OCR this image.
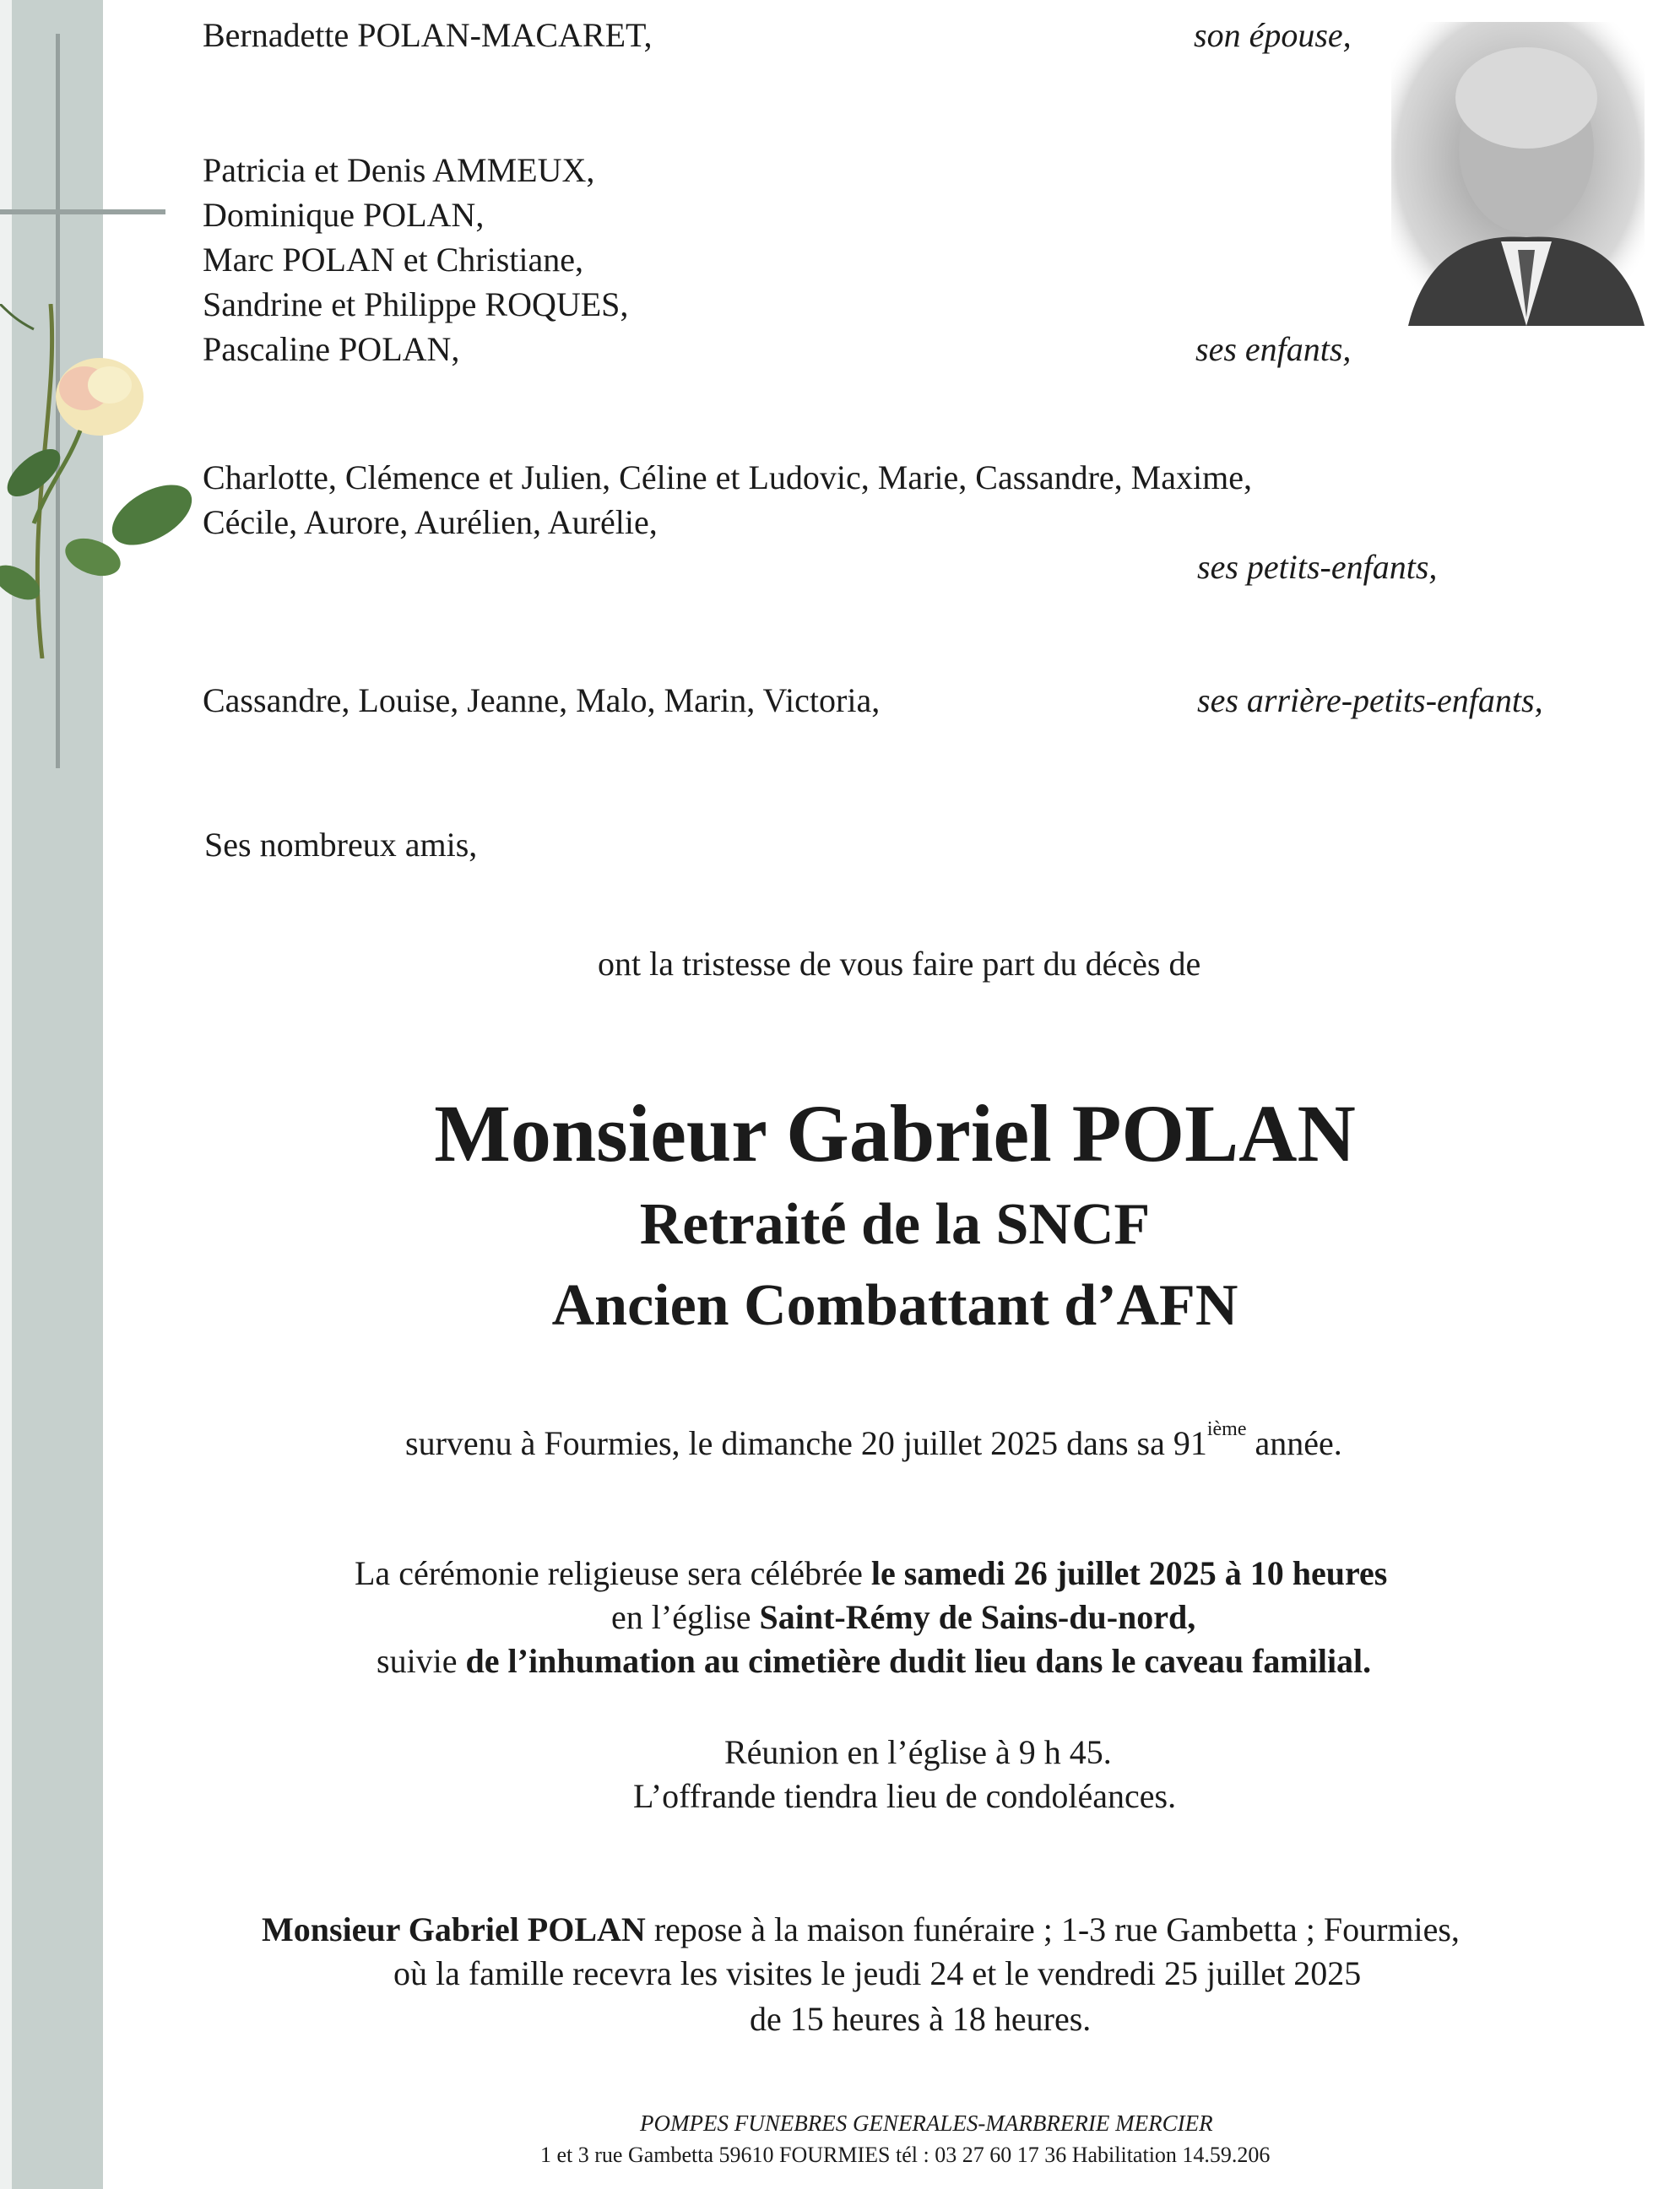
Bernadette POLAN-MACARET,	son épouse,
Patricia et Denis AMMEUX,
Dominique POLAN,
Marc POLAN et Christiane,
Sandrine et Philippe ROQUES,
Pascaline POLAN,	ses enfants,
Charlotte, Clémence et Julien, Céline et Ludovic, Marie, Cassandre, Maxime,
Cécile, Aurore, Aurélien, Aurélie,
ses petits-enfants,
Cassandre, Louise, Jeanne, Malo, Marin, Victoria,	ses arrière-petits-enfants,
Ses nombreux amis,
ont la tristesse de vous faire part du décès de
Monsieur Gabriel POLAN
Retraité de la SNCF
Ancien Combattant d’AFN
survenu à Fourmies, le dimanche 20 juillet 2025 dans sa 91ième année.
La cérémonie religieuse sera célébrée le samedi 26 juillet 2025 à 10 heures
en l’église Saint-Rémy de Sains-du-nord,
suivie de l’inhumation au cimetière dudit lieu dans le caveau familial.
Réunion en l’église à 9 h 45.
L’offrande tiendra lieu de condoléances.
Monsieur Gabriel POLAN repose à la maison funéraire ; 1-3 rue Gambetta ; Fourmies,
où la famille recevra les visites le jeudi 24 et le vendredi 25 juillet 2025
de 15 heures à 18 heures.
POMPES FUNEBRES GENERALES-MARBRERIE MERCIER
1 et 3 rue Gambetta 59610 FOURMIES tél : 03 27 60 17 36 Habilitation 14.59.206
